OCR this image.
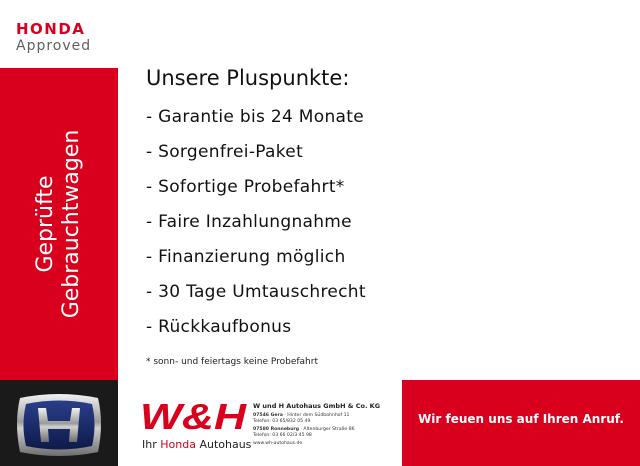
HONDA
Approved
Geprüfte Gebrauchtwagen
Unsere Pluspunkte:
- Garantie bis 24 Monate
- Sorgenfrei-Paket
- Sofortige Probefahrt*
- Faire Inzahlungnahme
- Finanzierung möglich
- 30 Tage Umtauschrecht
- Rückkaufbonus
* sonn- und feiertags keine Probefahrt
W&H
Ihr Honda Autohaus
W und H Autohaus GmbH & Co. KG
07546 Gera · Hinter dem Südbahnhof 11
Telefon: 03 65/832 05 49
07580 Ronneburg · Altenburger Straße 86
Telefon: 03 66 02/3 45 98
www.wh-autohaus.de
Wir feuen uns auf Ihren Anruf.
